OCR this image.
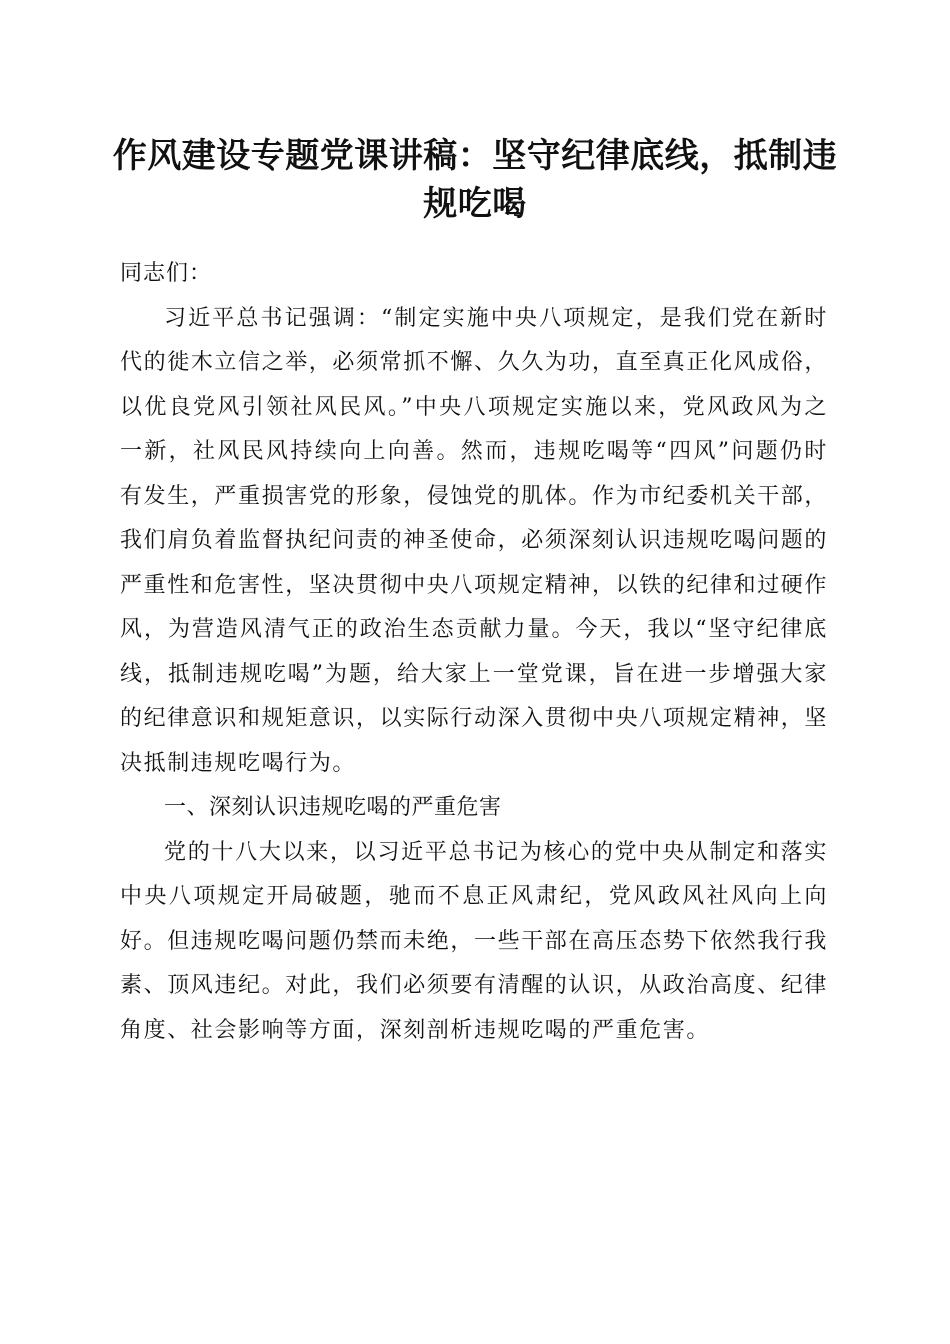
作风建设专题党课讲稿：坚守纪律底线，抵制违规吃喝

同志们：

习近平总书记强调：“制定实施中央八项规定，是我们党在新时代的徙木立信之举，必须常抓不懈、久久为功，直至真正化风成俗，以优良党风引领社风民风。”中央八项规定实施以来，党风政风为之一新，社风民风持续向上向善。然而，违规吃喝等“四风”问题仍时有发生，严重损害党的形象，侵蚀党的肌体。作为市纪委机关干部，我们肩负着监督执纪问责的神圣使命，必须深刻认识违规吃喝问题的严重性和危害性，坚决贯彻中央八项规定精神，以铁的纪律和过硬作风，为营造风清气正的政治生态贡献力量。今天，我以“坚守纪律底线，抵制违规吃喝”为题，给大家上一堂党课，旨在进一步增强大家的纪律意识和规矩意识，以实际行动深入贯彻中央八项规定精神，坚决抵制违规吃喝行为。

一、深刻认识违规吃喝的严重危害

党的十八大以来，以习近平总书记为核心的党中央从制定和落实中央八项规定开局破题，驰而不息正风肃纪，党风政风社风向上向好。但违规吃喝问题仍禁而未绝，一些干部在高压态势下依然我行我素、顶风违纪。对此，我们必须要有清醒的认识，从政治高度、纪律角度、社会影响等方面，深刻剖析违规吃喝的严重危害。
